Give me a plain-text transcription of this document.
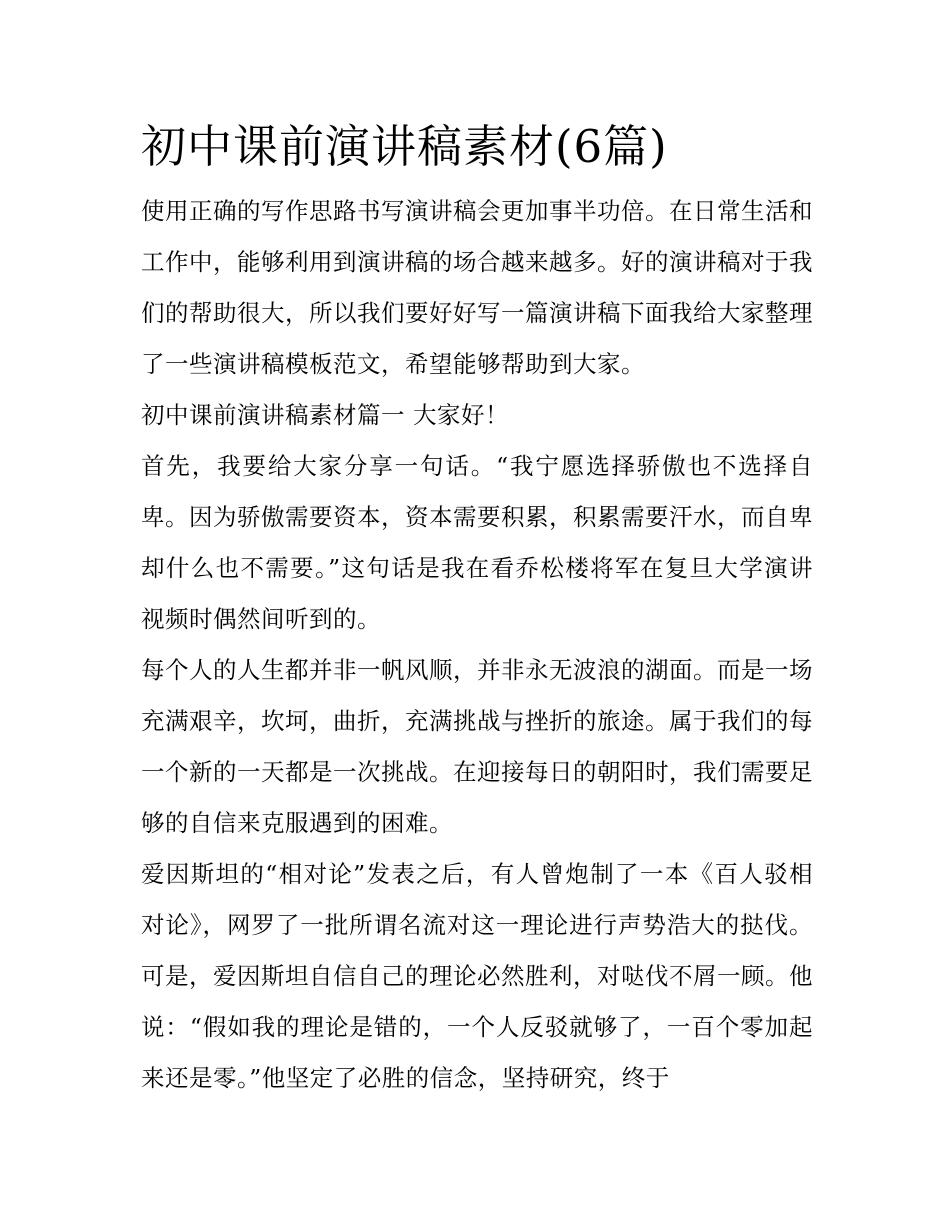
初中课前演讲稿素材(6篇)

使用正确的写作思路书写演讲稿会更加事半功倍。在日常生活和工作中，能够利用到演讲稿的场合越来越多。好的演讲稿对于我们的帮助很大，所以我们要好好写一篇演讲稿下面我给大家整理了一些演讲稿模板范文，希望能够帮助到大家。

初中课前演讲稿素材篇一 大家好！

首先，我要给大家分享一句话。“我宁愿选择骄傲也不选择自卑。因为骄傲需要资本，资本需要积累，积累需要汗水，而自卑却什么也不需要。”这句话是我在看乔松楼将军在复旦大学演讲视频时偶然间听到的。

每个人的人生都并非一帆风顺，并非永无波浪的湖面。而是一场充满艰辛，坎坷，曲折，充满挑战与挫折的旅途。属于我们的每一个新的一天都是一次挑战。在迎接每日的朝阳时，我们需要足够的自信来克服遇到的困难。

爱因斯坦的“相对论”发表之后，有人曾炮制了一本《百人驳相对论》，网罗了一批所谓名流对这一理论进行声势浩大的挞伐。可是，爱因斯坦自信自己的理论必然胜利，对哒伐不屑一顾。他说：“假如我的理论是错的，一个人反驳就够了，一百个零加起来还是零。”他坚定了必胜的信念，坚持研究，终于
